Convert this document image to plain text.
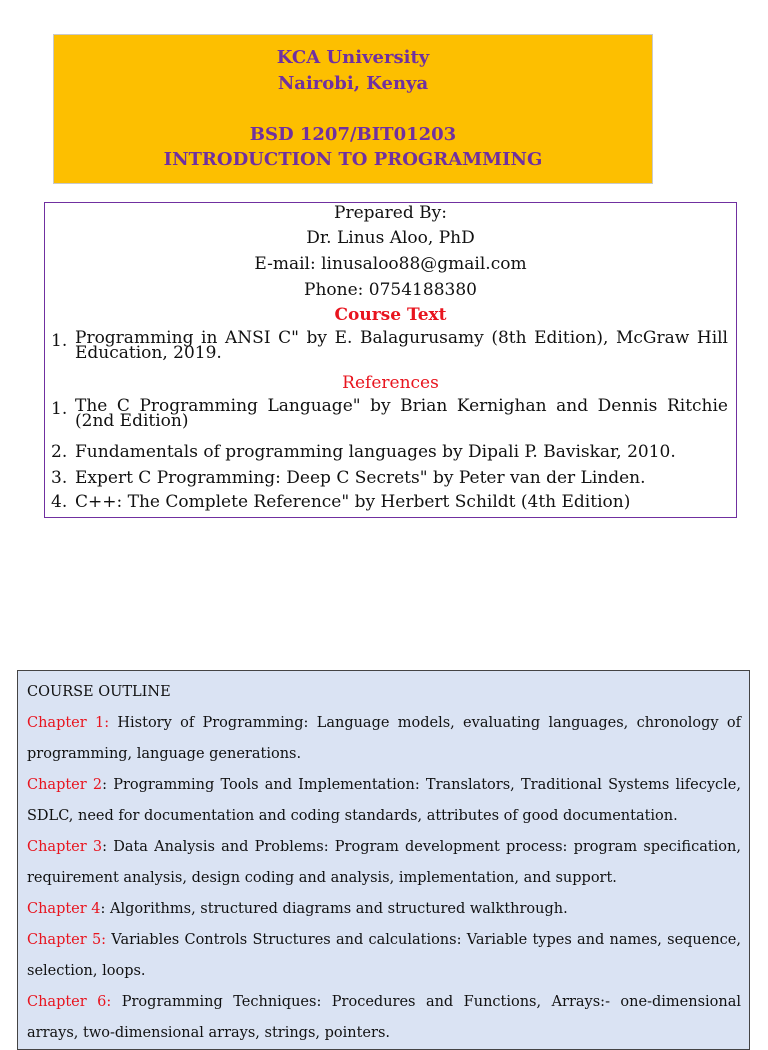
KCA University
Nairobi, Kenya
BSD 1207/BIT01203
INTRODUCTION TO PROGRAMMING
Prepared By:
Dr. Linus Aloo, PhD
E-mail: linusaloo88@gmail.com
Phone: 0754188380
Course Text
1. Programming in ANSI C" by E. Balagurusamy (8th Edition), McGraw Hill Education, 2019.
References
1. The C Programming Language" by Brian Kernighan and Dennis Ritchie (2nd Edition)
2. Fundamentals of programming languages by Dipali P. Baviskar, 2010.
3. Expert C Programming: Deep C Secrets" by Peter van der Linden.
4. C++: The Complete Reference" by Herbert Schildt (4th Edition)
COURSE OUTLINE
Chapter 1: History of Programming: Language models, evaluating languages, chronology of programming, language generations.
Chapter 2: Programming Tools and Implementation: Translators, Traditional Systems lifecycle, SDLC, need for documentation and coding standards, attributes of good documentation.
Chapter 3: Data Analysis and Problems: Program development process: program specification, requirement analysis, design coding and analysis, implementation, and support.
Chapter 4: Algorithms, structured diagrams and structured walkthrough.
Chapter 5: Variables Controls Structures and calculations: Variable types and names, sequence, selection, loops.
Chapter 6: Programming Techniques: Procedures and Functions, Arrays:- one-dimensional arrays, two-dimensional arrays, strings, pointers.
